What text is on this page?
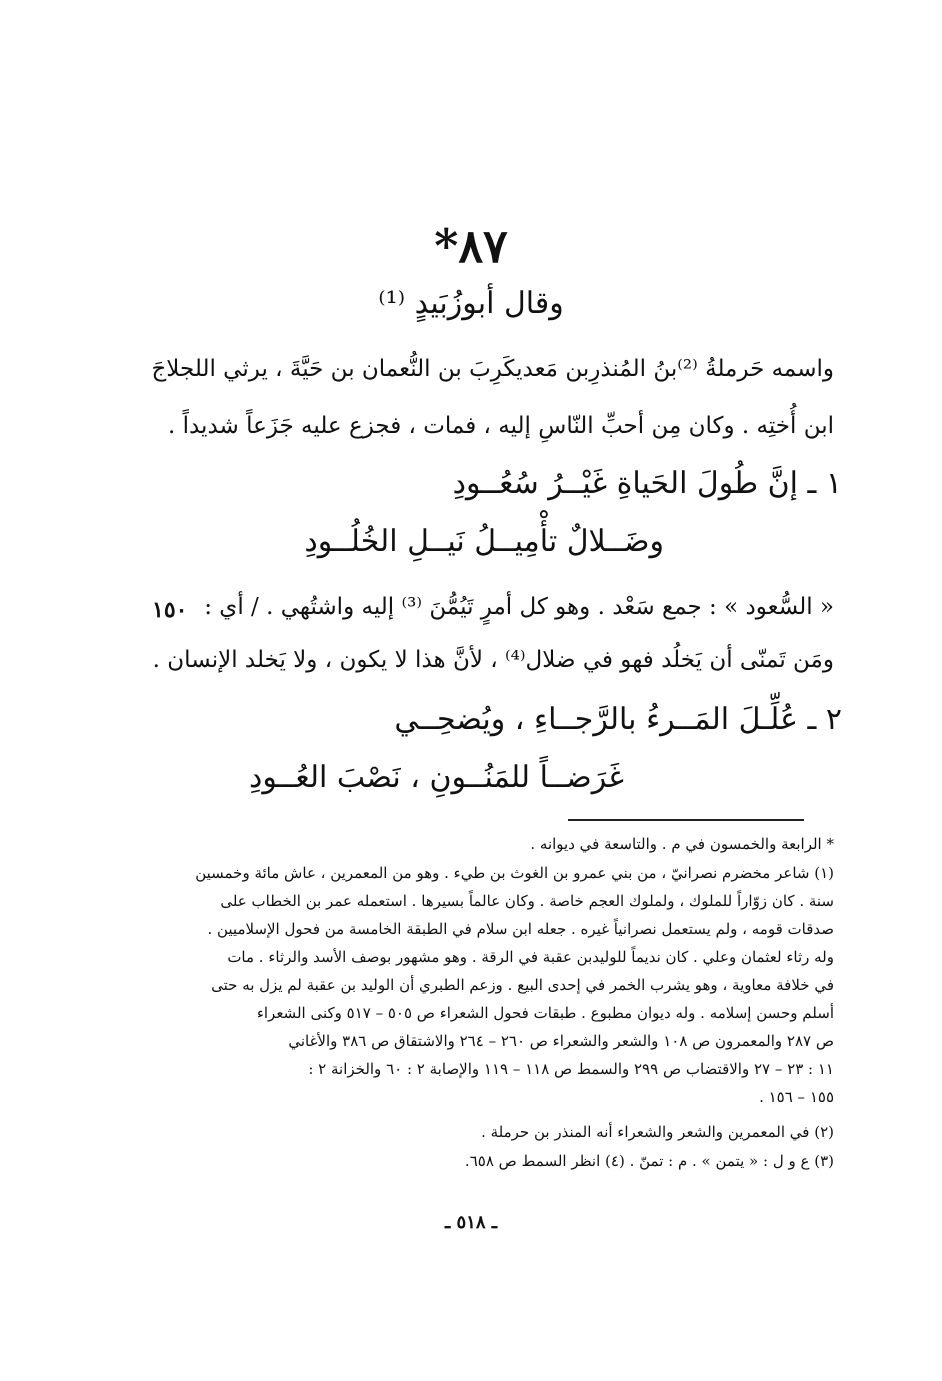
٨٧*
وقال أبوزُبَيدٍ ⁽¹⁾
واسمه حَرملةُ ⁽²⁾بنُ المُنذرِبن مَعديكَرِبَ بن النُّعمان بن حَيَّةَ ، يرثي اللجلاجَ
ابن أُختِه . وكان مِن أحبِّ النّاسِ إليه ، فمات ، فجزع عليه جَزَعاً شديداً .
١ ـ إنَّ طُولَ الحَياةِ غَيْــرُ سُعُــودِ
وضَــلالٌ تأْمِيــلُ نَيــلِ الخُلُــودِ
« السُّعود » : جمع سَعْد . وهو كل أمرٍ تَيُمُّنَ ⁽³⁾ إليه واشتُهي . / أي :
١٥٠
ومَن تَمنّى أن يَخلُد فهو في ضلال⁽⁴⁾ ، لأنَّ هذا لا يكون ، ولا يَخلد الإنسان .
٢ ـ عُلِّـلَ المَــرءُ بالرَّجــاءِ ، ويُضحِــي
غَرَضــاً للمَنُــونِ ، نَصْبَ العُــودِ
* الرابعة والخمسون في م . والتاسعة في ديوانه .
(١) شاعر مخضرم نصرانيّ ، من بني عمرو بن الغوث بن طيء . وهو من المعمرين ، عاش مائة وخمسين
سنة . كان زوّاراً للملوك ، ولملوك العجم خاصة . وكان عالماً بسيرها . استعمله عمر بن الخطاب على
صدقات قومه ، ولم يستعمل نصرانياً غيره . جعله ابن سلام في الطبقة الخامسة من فحول الإسلاميين .
وله رثاء لعثمان وعلي . كان نديماً للوليدبن عقبة في الرقة . وهو مشهور بوصف الأسد والرثاء . مات
في خلافة معاوية ، وهو يشرب الخمر في إحدى البيع . وزعم الطبري أن الوليد بن عقبة لم يزل به حتى
أسلم وحسن إسلامه . وله ديوان مطبوع . طبقات فحول الشعراء ص ٥٠٥ – ٥١٧ وكنى الشعراء
ص ٢٨٧ والمعمرون ص ١٠٨ والشعر والشعراء ص ٢٦٠ – ٢٦٤ والاشتقاق ص ٣٨٦ والأغاني
١١ : ٢٣ – ٢٧ والاقتضاب ص ٢٩٩ والسمط ص ١١٨ – ١١٩ والإصابة ٢ : ٦٠ والخزانة ٢ :
١٥٥ – ١٥٦ .
(٢) في المعمرين والشعر والشعراء أنه المنذر بن حرملة .
(٣) ع و ل : « يتمن » . م : تمنّ . (٤) انظر السمط ص ٦٥٨.
ـ ٥١٨ ـ
